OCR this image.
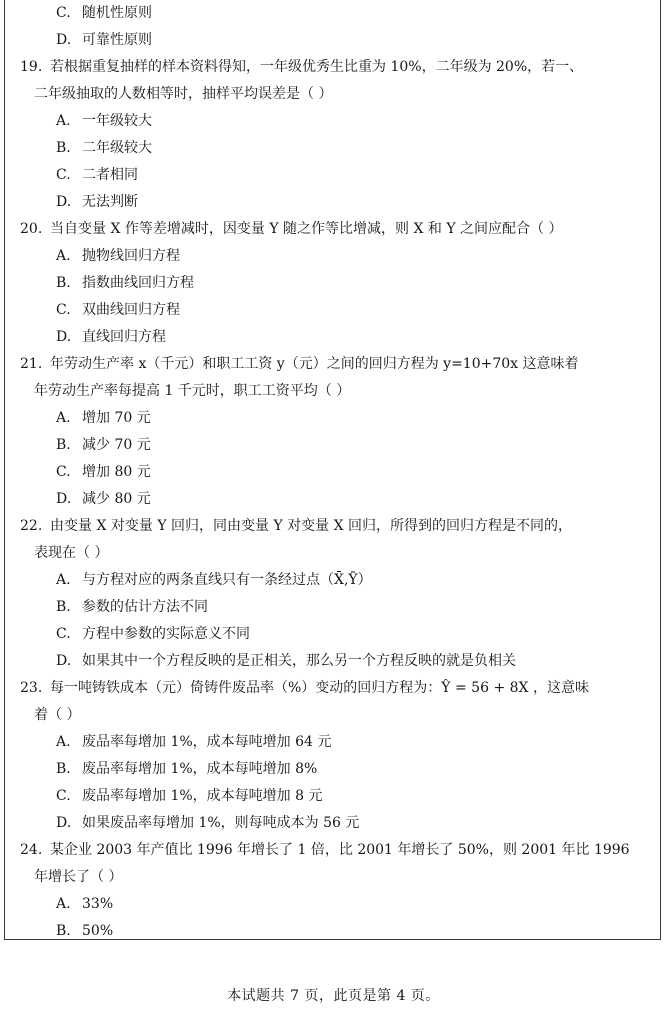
C. 随机性原则
D. 可靠性原则
19. 若根据重复抽样的样本资料得知，一年级优秀生比重为 10%，二年级为 20%，若一、
二年级抽取的人数相等时，抽样平均误差是（ ）
A. 一年级较大
B. 二年级较大
C. 二者相同
D. 无法判断
20. 当自变量 X 作等差增减时，因变量 Y 随之作等比增减，则 X 和 Y 之间应配合（ ）
A. 抛物线回归方程
B. 指数曲线回归方程
C. 双曲线回归方程
D. 直线回归方程
21. 年劳动生产率 x（千元）和职工工资 y（元）之间的回归方程为 y=10+70x 这意味着
年劳动生产率每提高 1 千元时，职工工资平均（ ）
A. 增加 70 元
B. 减少 70 元
C. 增加 80 元
D. 减少 80 元
22. 由变量 X 对变量 Y 回归，同由变量 Y 对变量 X 回归，所得到的回归方程是不同的，
表现在（ ）
A. 与方程对应的两条直线只有一条经过点（X̄,Ȳ）
B. 参数的估计方法不同
C. 方程中参数的实际意义不同
D. 如果其中一个方程反映的是正相关，那么另一个方程反映的就是负相关
23. 每一吨铸铁成本（元）倚铸件废品率（%）变动的回归方程为：Ŷ = 56 + 8X ，这意味
着（ ）
A. 废品率每增加 1%，成本每吨增加 64 元
B. 废品率每增加 1%，成本每吨增加 8%
C. 废品率每增加 1%，成本每吨增加 8 元
D. 如果废品率每增加 1%，则每吨成本为 56 元
24. 某企业 2003 年产值比 1996 年增长了 1 倍，比 2001 年增长了 50%，则 2001 年比 1996
年增长了（ ）
A. 33%
B. 50%
本试题共 7 页，此页是第 4 页。
